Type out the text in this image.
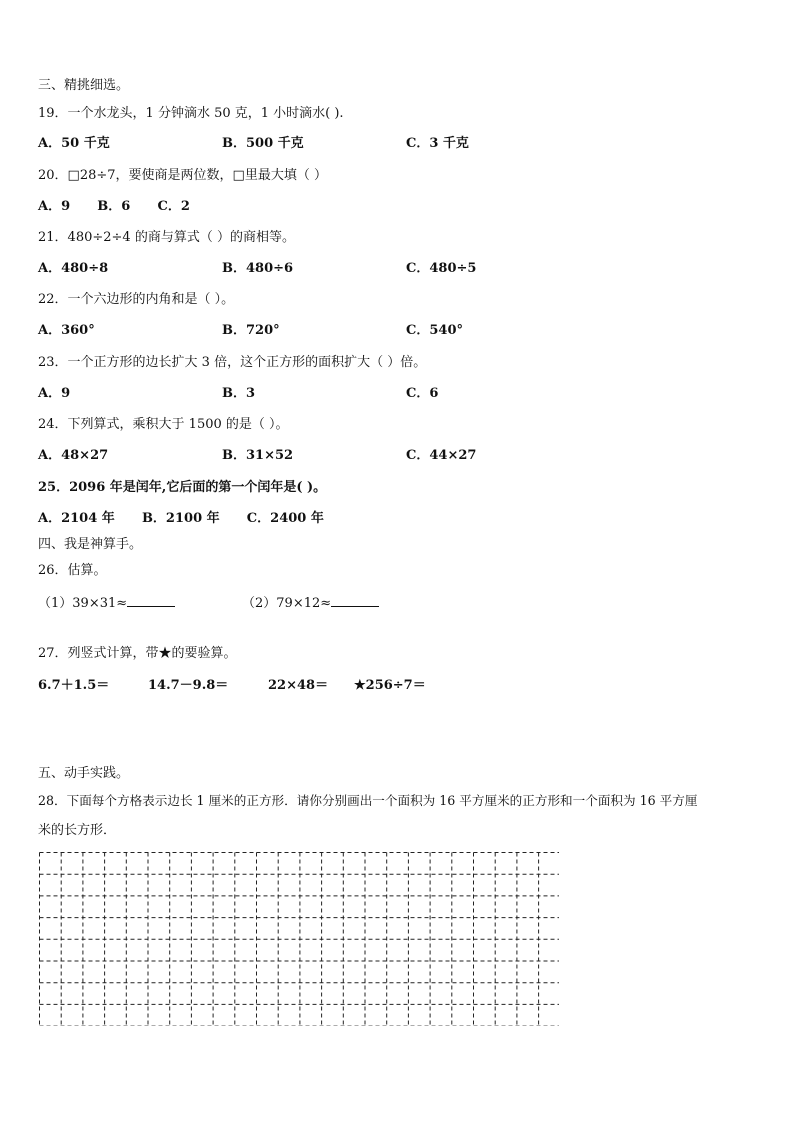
三、精挑细选。
19．一个水龙头，1 分钟滴水 50 克，1 小时滴水( ).
A．50 千克	B．500 千克	C．3 千克
20．□28÷7，要使商是两位数，□里最大填（ ）
A．9      B．6      C．2
21．480÷2÷4 的商与算式（ ）的商相等。
A．480÷8	B．480÷6	C．480÷5
22．一个六边形的内角和是（ ）。
A．360°	B．720°	C．540°
23．一个正方形的边长扩大 3 倍，这个正方形的面积扩大（ ）倍。
A．9	B．3	C．6
24．下列算式，乘积大于 1500 的是（ ）。
A．48×27	B．31×52	C．44×27
25．2096 年是闰年,它后面的第一个闰年是( )。
A．2104 年      B．2100 年      C．2400 年
四、我是神算手。
26．估算。
（1）39×31≈	（2）79×12≈
27．列竖式计算，带★的要验算。
6.7＋1.5＝	14.7－9.8＝	22×48＝ ★256÷7＝
五、动手实践。
28．下面每个方格表示边长 1 厘米的正方形．请你分别画出一个面积为 16 平方厘米的正方形和一个面积为 16 平方厘
米的长方形．
